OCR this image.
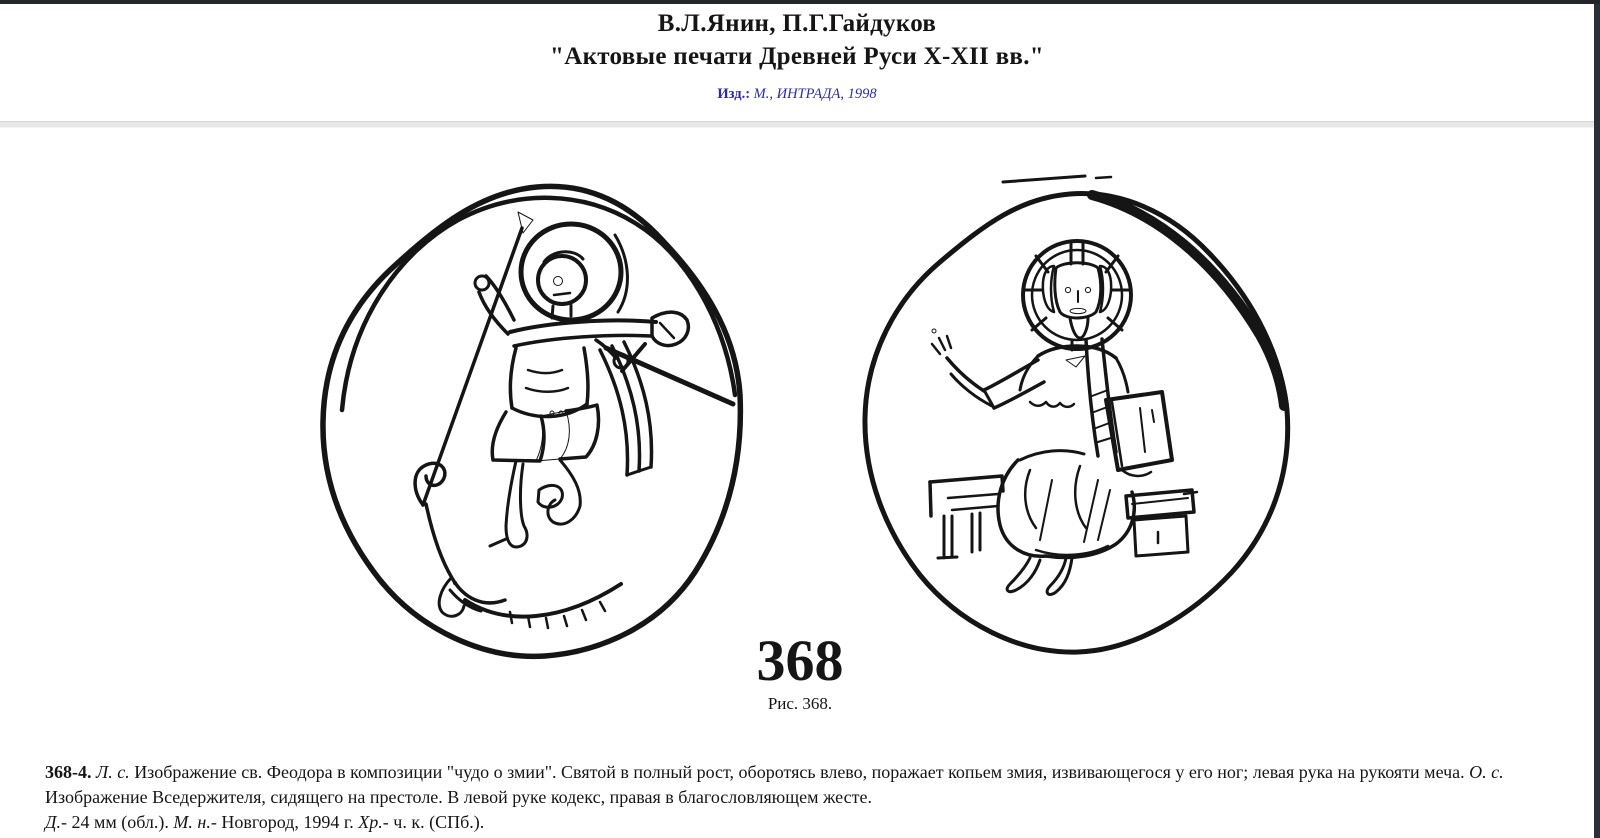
В.Л.Янин, П.Г.Гайдуков
"Актовые печати Древней Руси X-XII вв."
Изд.: М., ИНТРАДА, 1998
368
Рис. 368.

368-4. Л. с. Изображение св. Феодора в композиции "чудо о змии". Святой в полный рост, оборотясь влево, поражает копьем змия, извивающегося у его ног; левая рука на рукояти меча. О. с. Изображение Вседержителя, сидящего на престоле. В левой руке кодекс, правая в благословляющем жесте.

Д.- 24 мм (обл.). М. н.- Новгород, 1994 г. Хр.- ч. к. (СПб.).
